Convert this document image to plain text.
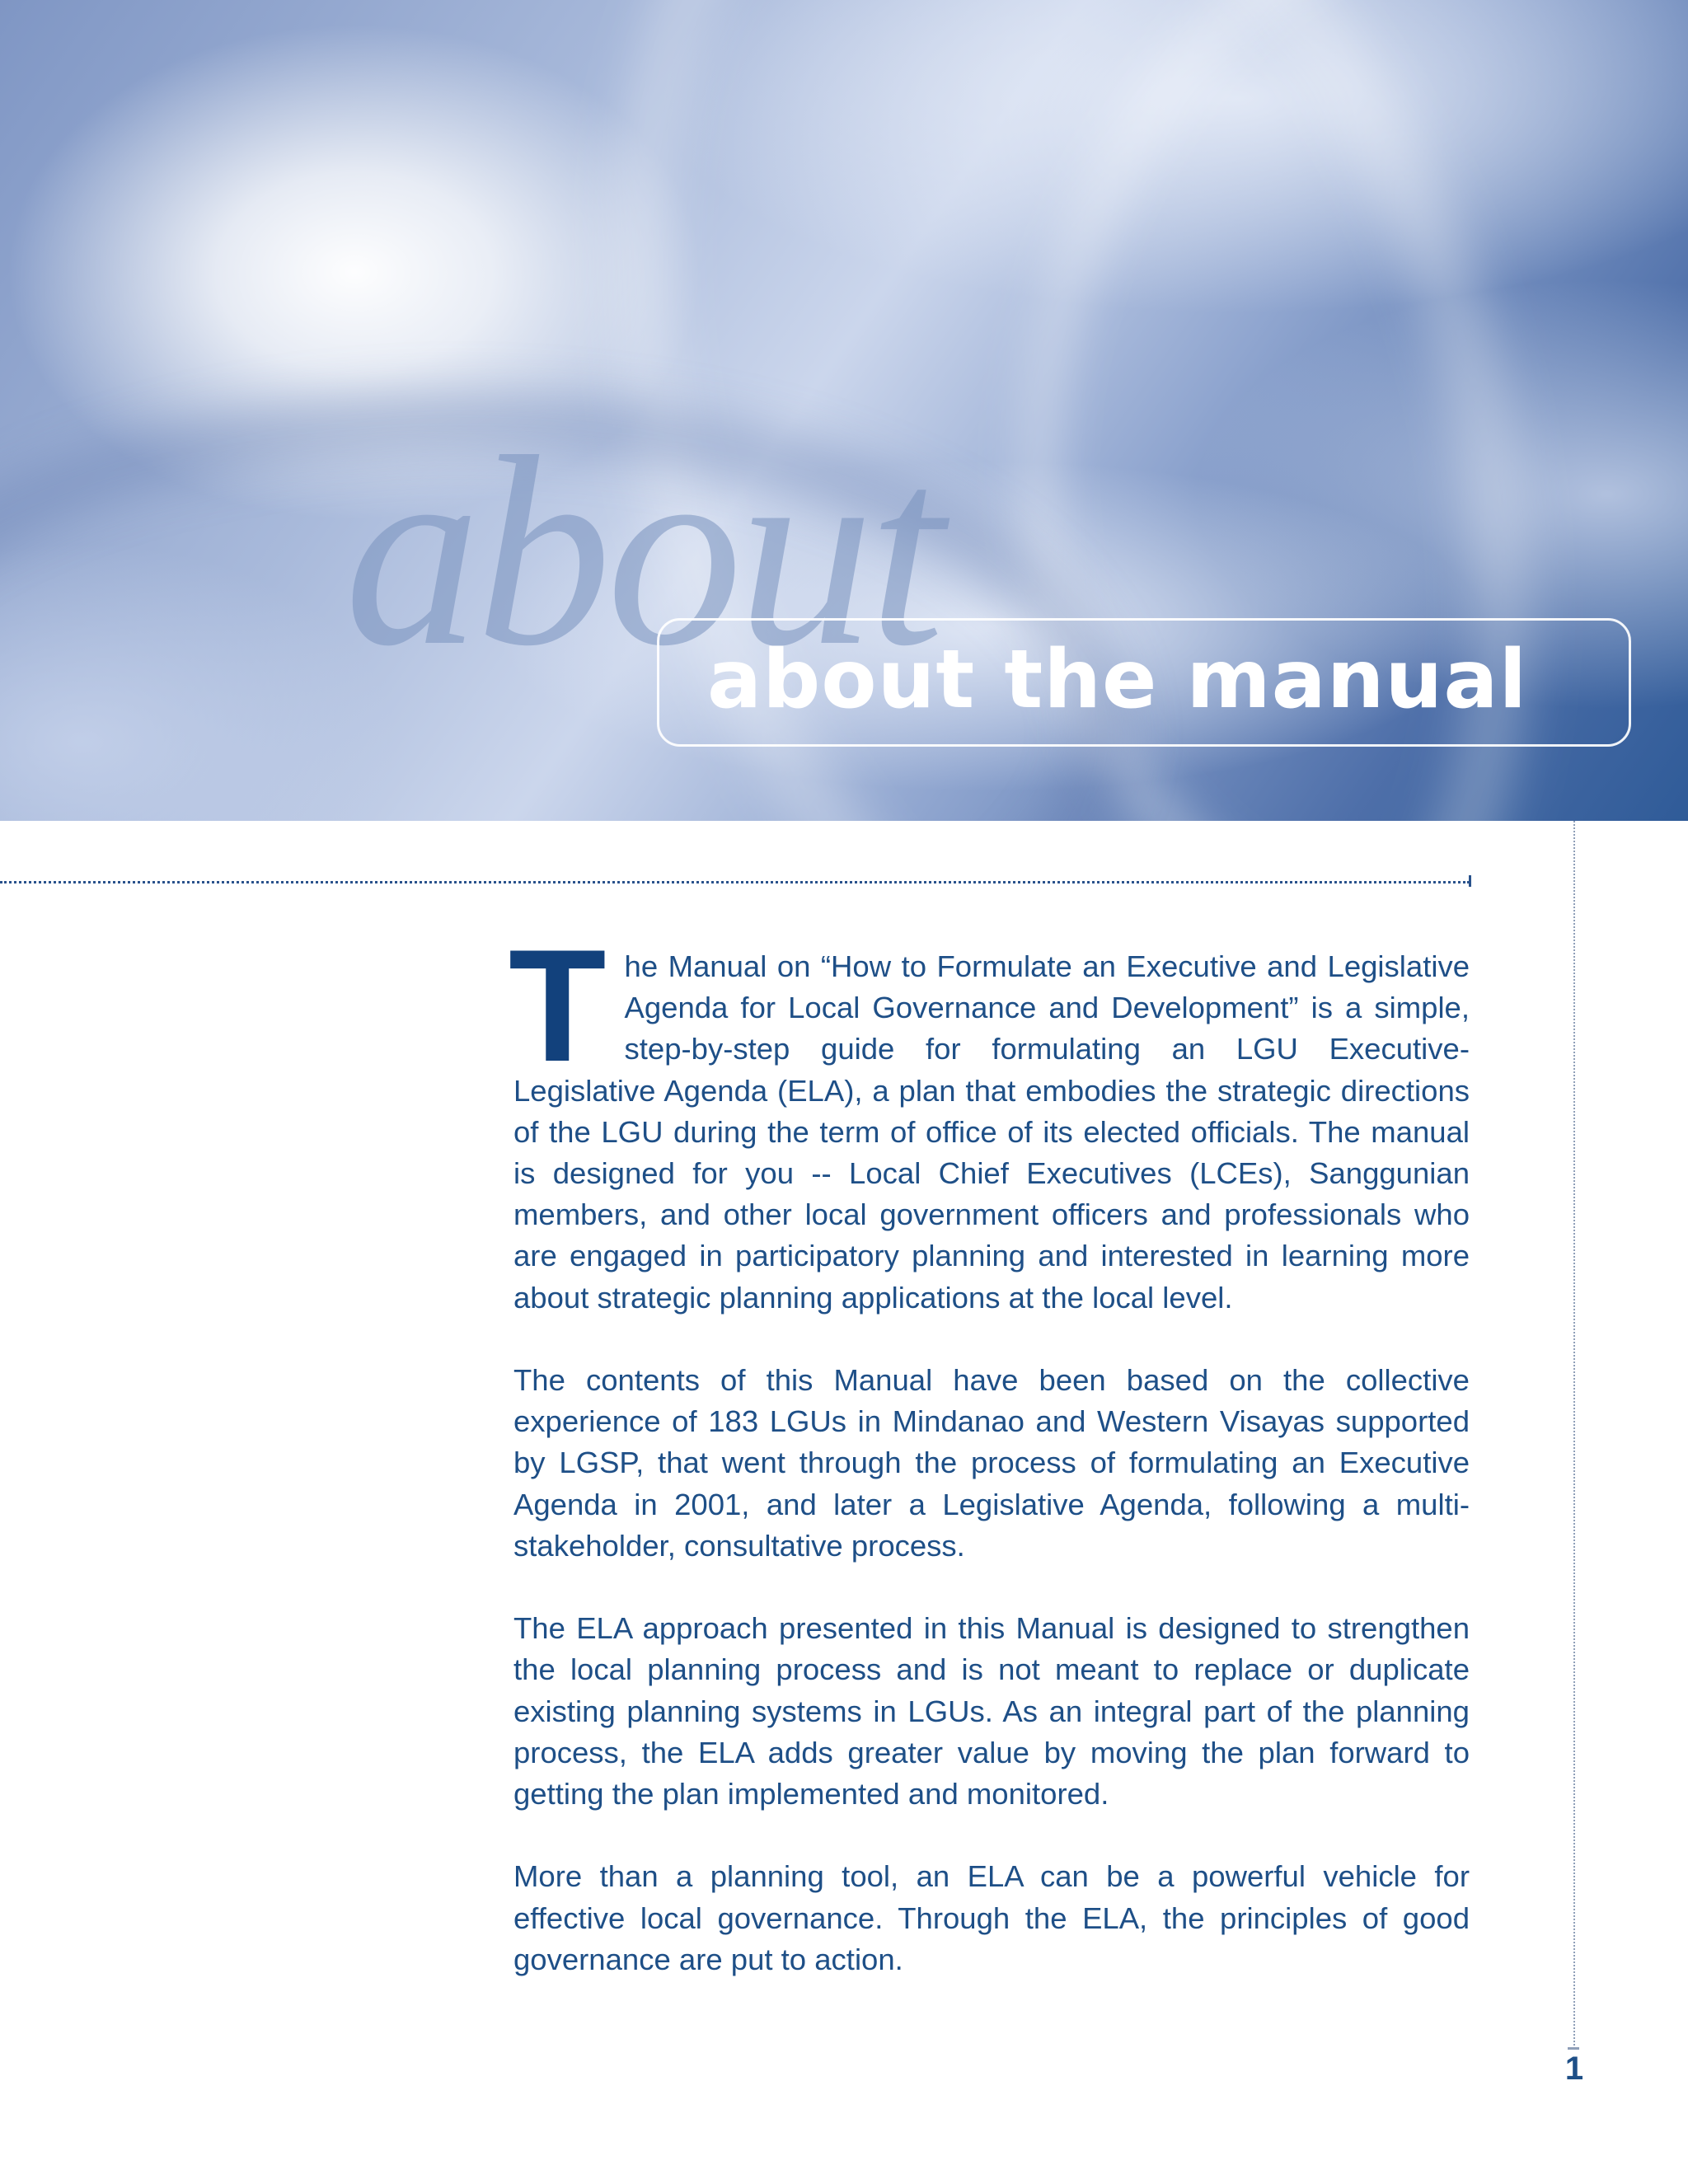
about
about the manual

The Manual on “How to Formulate an Executive and Legislative Agenda for Local Governance and Development” is a simple, step-by-step guide for formulating an LGU Executive-Legislative Agenda (ELA), a plan that embodies the strategic directions of the LGU during the term of office of its elected officials. The manual is designed for you -- Local Chief Executives (LCEs), Sanggunian members, and other local government officers and professionals who are engaged in participatory planning and interested in learning more about strategic planning applications at the local level.

The contents of this Manual have been based on the collective experience of 183 LGUs in Mindanao and Western Visayas supported by LGSP, that went through the process of formulating an Executive Agenda in 2001, and later a Legislative Agenda, following a multi-stakeholder, consultative process.

The ELA approach presented in this Manual is designed to strengthen the local planning process and is not meant to replace or duplicate existing planning systems in LGUs. As an integral part of the planning process, the ELA adds greater value by moving the plan forward to getting the plan implemented and monitored.

More than a planning tool, an ELA can be a powerful vehicle for effective local governance. Through the ELA, the principles of good governance are put to action.

1
